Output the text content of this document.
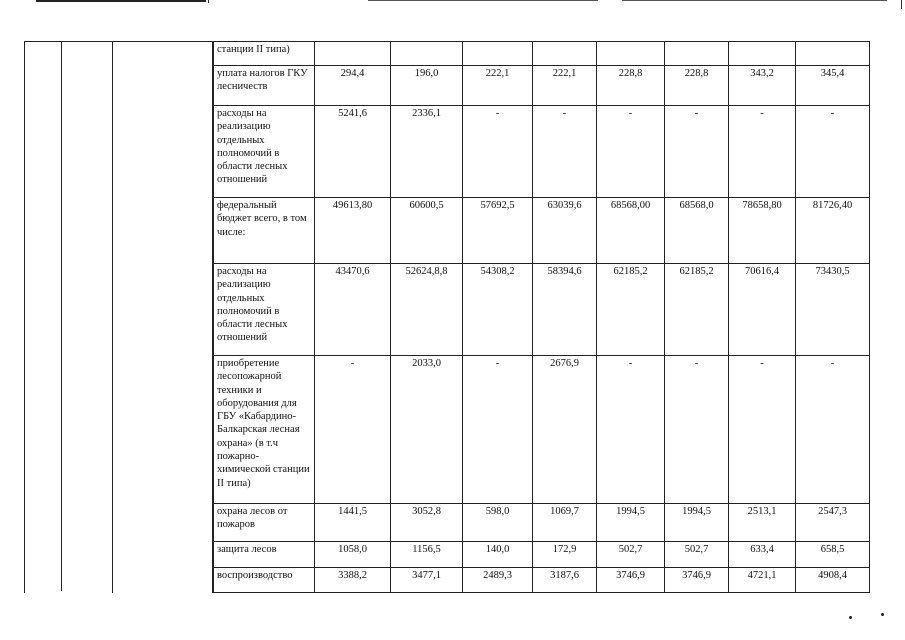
станции II типа)								
уплата налогов ГКУ лесничеств	294,4	196,0	222,1	222,1	228,8	228,8	343,2	345,4
расходы на реализацию отдельных полномочий в области лесных отношений	5241,6	2336,1	-	-	-	-	-	-
федеральный бюджет всего, в том числе:	49613,80	60600,5	57692,5	63039,6	68568,00	68568,0	78658,80	81726,40
расходы на реализацию отдельных полномочий в области лесных отношений	43470,6	52624,8,8	54308,2	58394,6	62185,2	62185,2	70616,4	73430,5
приобретение лесопожарной техники и оборудования для ГБУ «Кабардино-Балкарская лесная охрана» (в т.ч пожарно-химической станции II типа)	-	2033,0	-	2676,9	-	-	-	-
охрана лесов от пожаров	1441,5	3052,8	598,0	1069,7	1994,5	1994,5	2513,1	2547,3
защита лесов	1058,0	1156,5	140,0	172,9	502,7	502,7	633,4	658,5
воспроизводство	3388,2	3477,1	2489,3	3187,6	3746,9	3746,9	4721,1	4908,4
